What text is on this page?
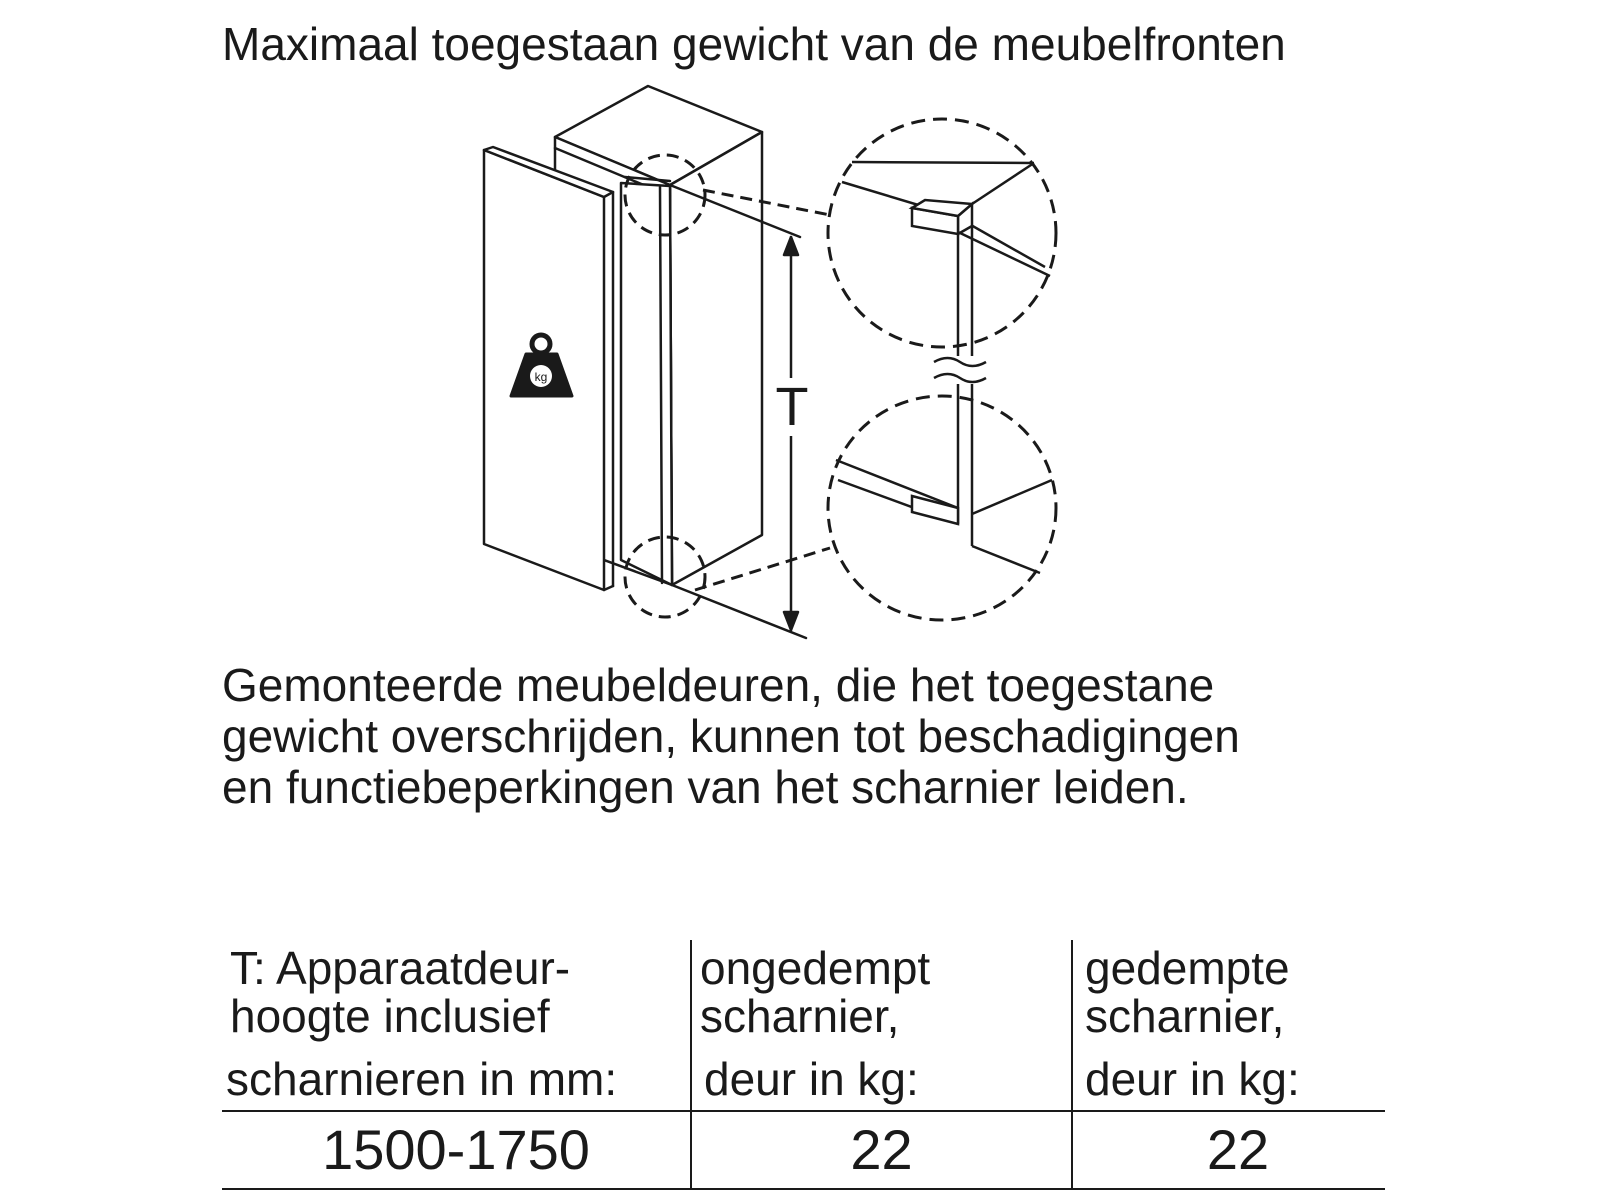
Maximaal toegestaan gewicht van de meubelfronten
T
kg
Gemonteerde meubeldeuren, die het toegestane
gewicht overschrijden, kunnen tot beschadigingen
en functiebeperkingen van het scharnier leiden.
T: Apparaatdeur-
hoogte inclusief
scharnieren in mm:
ongedempt
scharnier,
deur in kg:
gedempte
scharnier,
deur in kg:
1500-1750	22	22
